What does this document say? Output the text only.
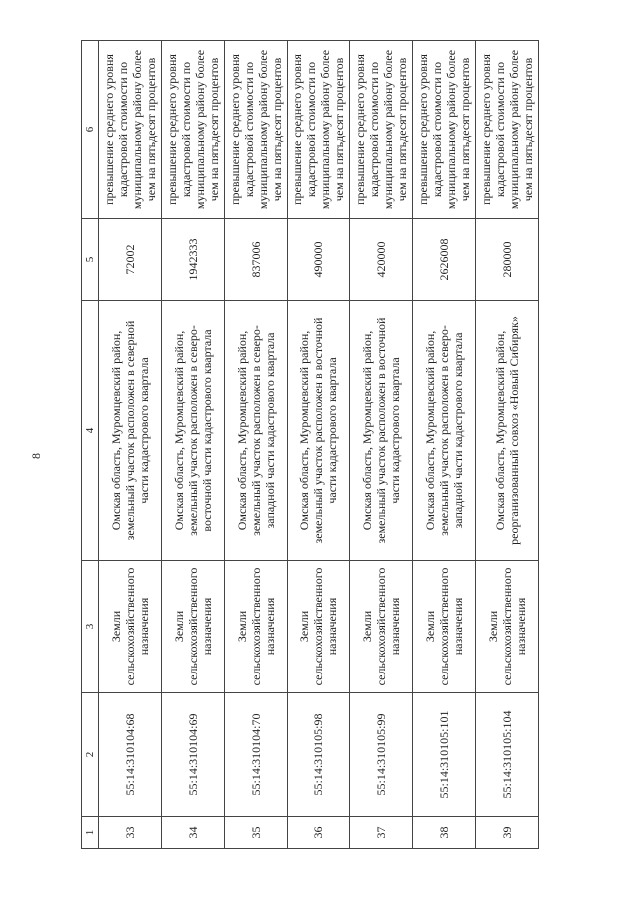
8
1	2	3	4	5	6
33	55:14:310104:68	Земли сельскохозяйственного назначения	Омская область, Муромцевский район, земельный участок расположен в северной части кадастрового квартала	72002	превышение среднего уровня кадастровой стоимости по муниципальному району более чем на пятьдесят процентов
34	55:14:310104:69	Земли сельскохозяйственного назначения	Омская область, Муромцевский район, земельный участок расположен в северо-восточной части кадастрового квартала	1942333	превышение среднего уровня кадастровой стоимости по муниципальному району более чем на пятьдесят процентов
35	55:14:310104:70	Земли сельскохозяйственного назначения	Омская область, Муромцевский район, земельный участок расположен в северо-западной части кадастрового квартала	837006	превышение среднего уровня кадастровой стоимости по муниципальному району более чем на пятьдесят процентов
36	55:14:310105:98	Земли сельскохозяйственного назначения	Омская область, Муромцевский район, земельный участок расположен в восточной части кадастрового квартала	490000	превышение среднего уровня кадастровой стоимости по муниципальному району более чем на пятьдесят процентов
37	55:14:310105:99	Земли сельскохозяйственного назначения	Омская область, Муромцевский район, земельный участок расположен в восточной части кадастрового квартала	420000	превышение среднего уровня кадастровой стоимости по муниципальному району более чем на пятьдесят процентов
38	55:14:310105:101	Земли сельскохозяйственного назначения	Омская область, Муромцевский район, земельный участок расположен в северо-западной части кадастрового квартала	2626008	превышение среднего уровня кадастровой стоимости по муниципальному району более чем на пятьдесят процентов
39	55:14:310105:104	Земли сельскохозяйственного назначения	Омская область, Муромцевский район, реорганизованный совхоз «Новый Сибиряк»	280000	превышение среднего уровня кадастровой стоимости по муниципальному району более чем на пятьдесят процентов
